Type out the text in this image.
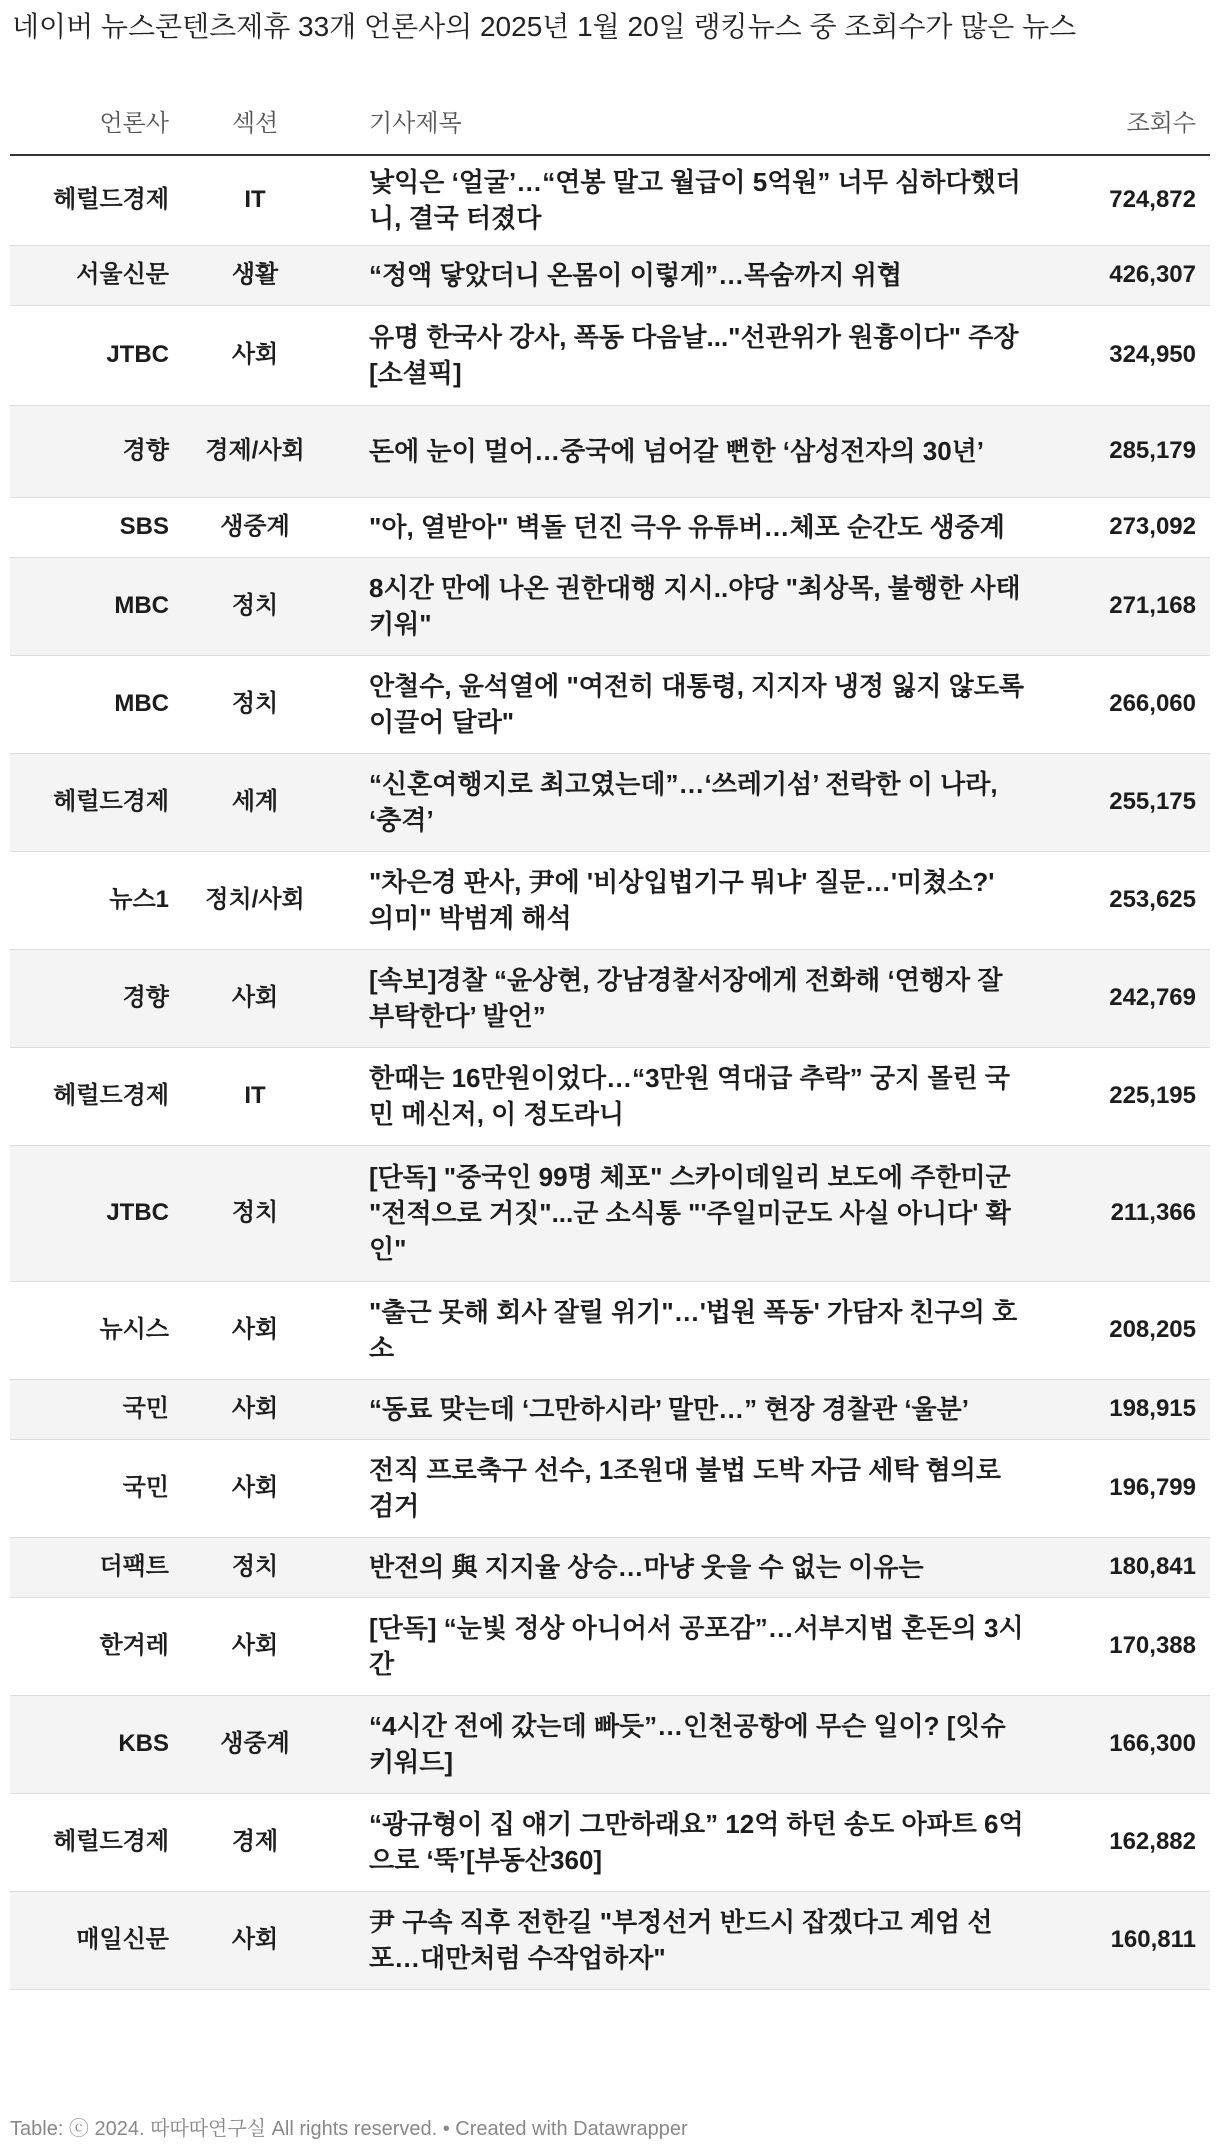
네이버 뉴스콘텐츠제휴 33개 언론사의 2025년 1월 20일 랭킹뉴스 중 조회수가 많은 뉴스
언론사	섹션	기사제목	조회수
헤럴드경제	IT	낯익은 ‘얼굴’…“연봉 말고 월급이 5억원” 너무 심하다했더니, 결국 터졌다	724,872
서울신문	생활	“정액 닿았더니 온몸이 이렇게”…목숨까지 위협	426,307
JTBC	사회	유명 한국사 강사, 폭동 다음날..."선관위가 원흉이다" 주장 [소셜픽]	324,950
경향	경제/사회	돈에 눈이 멀어…중국에 넘어갈 뻔한 ‘삼성전자의 30년’	285,179
SBS	생중계	"아, 열받아" 벽돌 던진 극우 유튜버…체포 순간도 생중계	273,092
MBC	정치	8시간 만에 나온 권한대행 지시..야당 "최상목, 불행한 사태 키워"	271,168
MBC	정치	안철수, 윤석열에 "여전히 대통령, 지지자 냉정 잃지 않도록 이끌어 달라"	266,060
헤럴드경제	세계	“신혼여행지로 최고였는데”…‘쓰레기섬’ 전락한 이 나라, ‘충격’	255,175
뉴스1	정치/사회	"차은경 판사, 尹에 '비상입법기구 뭐냐' 질문…'미쳤소?' 의미" 박범계 해석	253,625
경향	사회	[속보]경찰 “윤상현, 강남경찰서장에게 전화해 ‘연행자 잘 부탁한다’ 발언”	242,769
헤럴드경제	IT	한때는 16만원이었다…“3만원 역대급 추락” 궁지 몰린 국민 메신저, 이 정도라니	225,195
JTBC	정치	[단독] "중국인 99명 체포" 스카이데일리 보도에 주한미군 "전적으로 거짓"...군 소식통 "'주일미군도 사실 아니다' 확인"	211,366
뉴시스	사회	"출근 못해 회사 잘릴 위기"…'법원 폭동' 가담자 친구의 호소	208,205
국민	사회	“동료 맞는데 ‘그만하시라’ 말만…” 현장 경찰관 ‘울분’	198,915
국민	사회	전직 프로축구 선수, 1조원대 불법 도박 자금 세탁 혐의로 검거	196,799
더팩트	정치	반전의 與 지지율 상승…마냥 웃을 수 없는 이유는	180,841
한겨레	사회	[단독] “눈빛 정상 아니어서 공포감”…서부지법 혼돈의 3시간	170,388
KBS	생중계	“4시간 전에 갔는데 빠듯”…인천공항에 무슨 일이? [잇슈 키워드]	166,300
헤럴드경제	경제	“광규형이 집 얘기 그만하래요” 12억 하던 송도 아파트 6억으로 ‘뚝’[부동산360]	162,882
매일신문	사회	尹 구속 직후 전한길 "부정선거 반드시 잡겠다고 계엄 선포…대만처럼 수작업하자"	160,811
Table: ⓒ 2024. 따따따연구실 All rights reserved. • Created with Datawrapper
